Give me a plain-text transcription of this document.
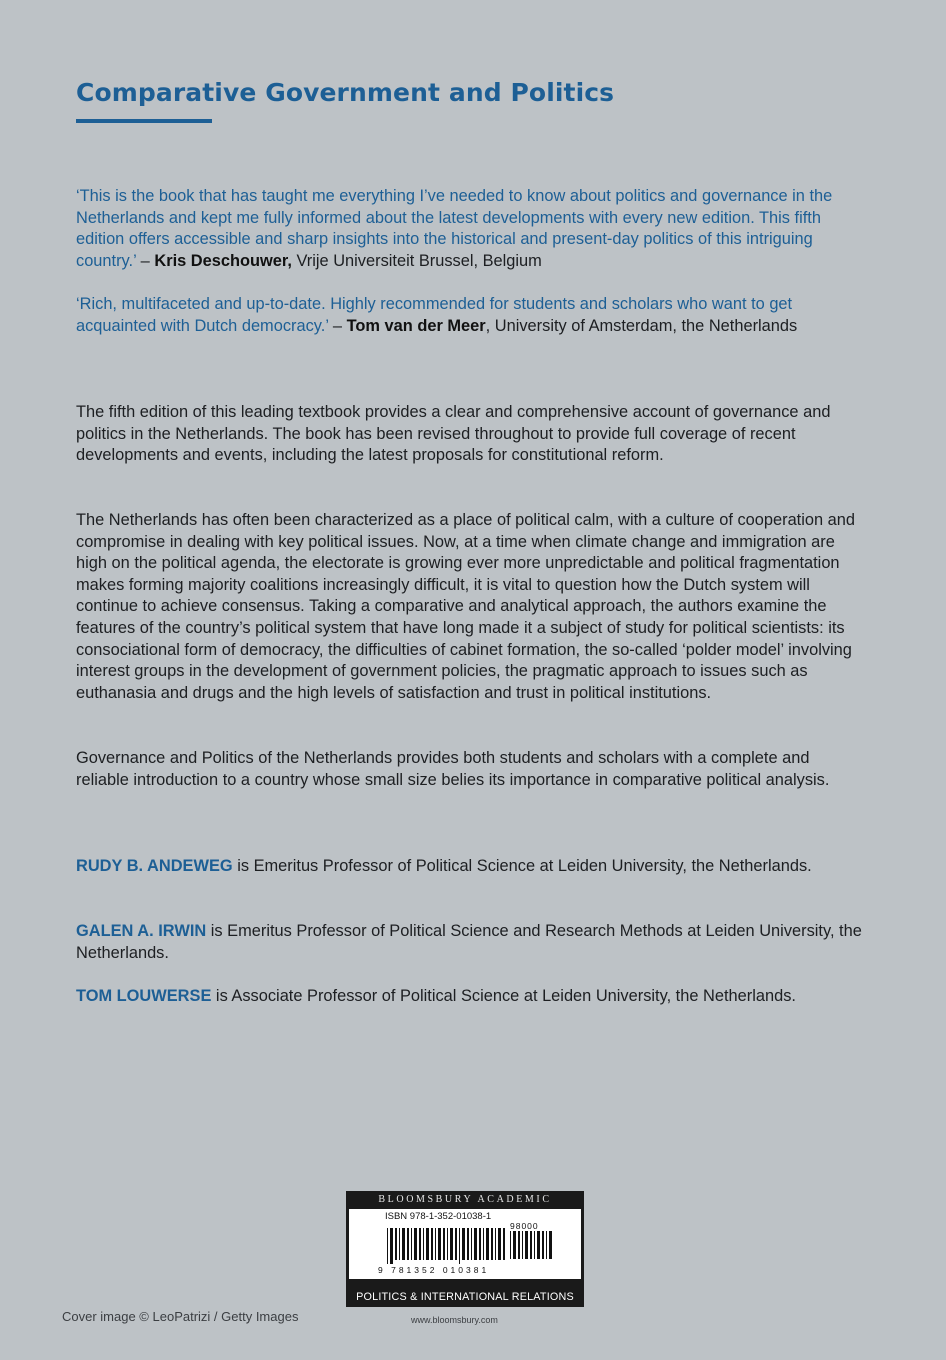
Comparative Government and Politics

‘This is the book that has taught me everything I’ve needed to know about politics and governance in the Netherlands and kept me fully informed about the latest developments with every new edition. This fifth edition offers accessible and sharp insights into the historical and present-day politics of this intriguing country.’ – Kris Deschouwer, Vrije Universiteit Brussel, Belgium

‘Rich, multifaceted and up-to-date. Highly recommended for students and scholars who want to get acquainted with Dutch democracy.’ – Tom van der Meer, University of Amsterdam, the Netherlands

The fifth edition of this leading textbook provides a clear and comprehensive account of governance and politics in the Netherlands. The book has been revised throughout to provide full coverage of recent developments and events, including the latest proposals for constitutional reform.

The Netherlands has often been characterized as a place of political calm, with a culture of cooperation and compromise in dealing with key political issues. Now, at a time when climate change and immigration are high on the political agenda, the electorate is growing ever more unpredictable and political fragmentation makes forming majority coalitions increasingly difficult, it is vital to question how the Dutch system will continue to achieve consensus. Taking a comparative and analytical approach, the authors examine the features of the country’s political system that have long made it a subject of study for political scientists: its consociational form of democracy, the difficulties of cabinet formation, the so-called ‘polder model’ involving interest groups in the development of government policies, the pragmatic approach to issues such as euthanasia and drugs and the high levels of satisfaction and trust in political institutions.

Governance and Politics of the Netherlands provides both students and scholars with a complete and reliable introduction to a country whose small size belies its importance in comparative political analysis.

RUDY B. ANDEWEG is Emeritus Professor of Political Science at Leiden University, the Netherlands.

GALEN A. IRWIN is Emeritus Professor of Political Science and Research Methods at Leiden University, the Netherlands.

TOM LOUWERSE is Associate Professor of Political Science at Leiden University, the Netherlands.

BLOOMSBURY ACADEMIC
ISBN 978-1-352-01038-1
98000
9 781352 010381
POLITICS & INTERNATIONAL RELATIONS
Cover image © LeoPatrizi / Getty Images	www.bloomsbury.com
